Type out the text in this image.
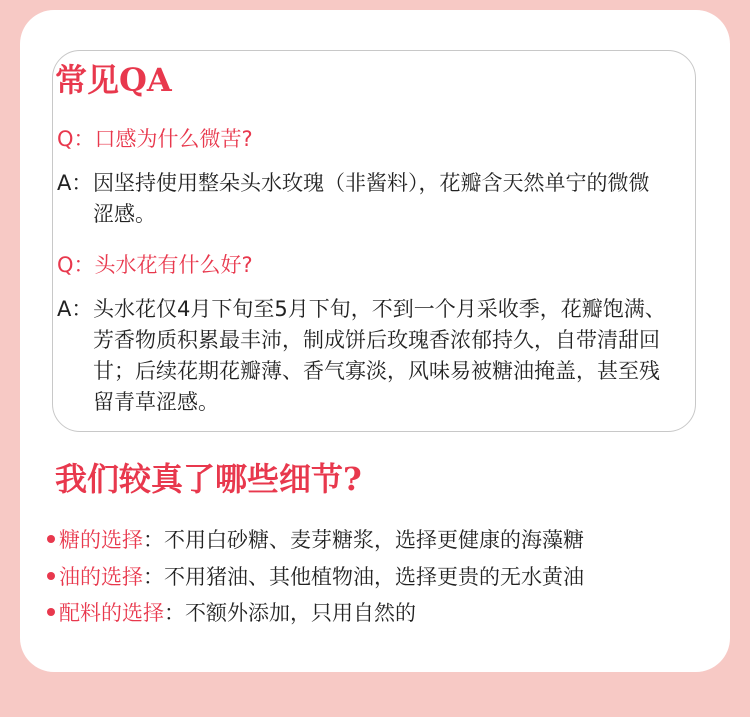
常见QA
Q：口感为什么微苦?
A： 因坚持使用整朵头水玫瑰（非酱料），花瓣含天然单宁的微微涩感。
Q：头水花有什么好?
A： 头水花仅4月下旬至5月下旬，不到一个月采收季，花瓣饱满、芳香物质积累最丰沛，制成饼后玫瑰香浓郁持久，自带清甜回甘；后续花期花瓣薄、香气寡淡，风味易被糖油掩盖，甚至残留青草涩感。
我们较真了哪些细节?
糖的选择：不用白砂糖、麦芽糖浆，选择更健康的海藻糖
油的选择：不用猪油、其他植物油，选择更贵的无水黄油
配料的选择：不额外添加，只用自然的
